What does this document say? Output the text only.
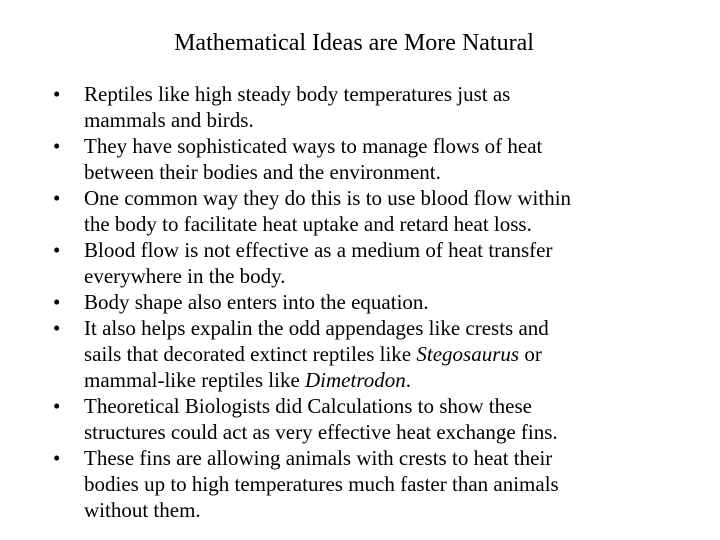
Mathematical Ideas are More Natural
• Reptiles like high steady body temperatures just as
mammals and birds.
• They have sophisticated ways to manage flows of heat
between their bodies and the environment.
• One common way they do this is to use blood flow within
the body to facilitate heat uptake and retard heat loss.
• Blood flow is not effective as a medium of heat transfer
everywhere in the body.
• Body shape also enters into the equation.
• It also helps expalin the odd appendages like crests and
sails that decorated extinct reptiles like Stegosaurus or
mammal-like reptiles like Dimetrodon.
• Theoretical Biologists did Calculations to show these
structures could act as very effective heat exchange fins.
• These fins are allowing animals with crests to heat their
bodies up to high temperatures much faster than animals
without them.
